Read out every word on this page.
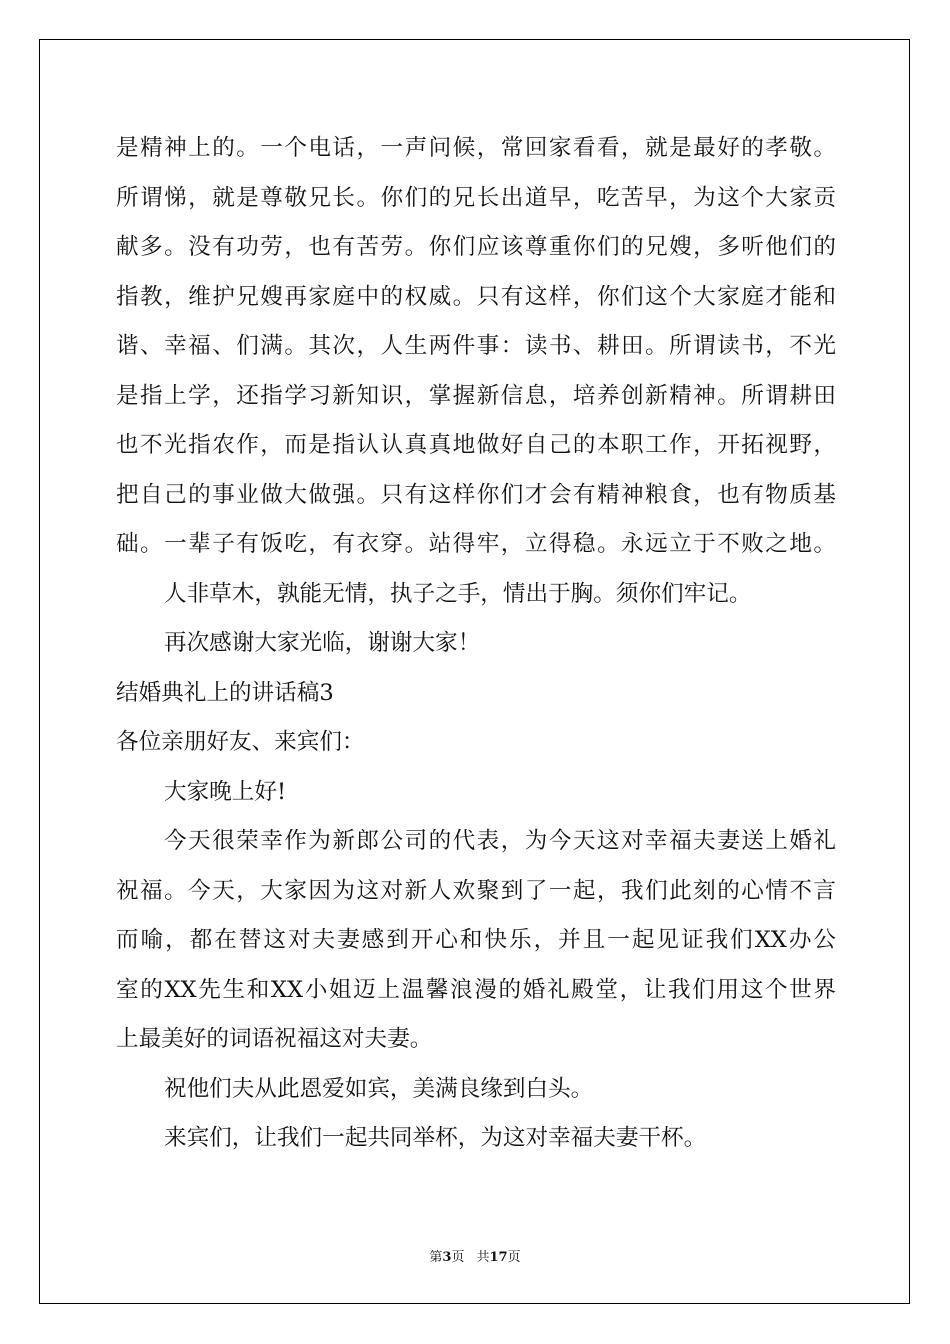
是精神上的。一个电话，一声问候，常回家看看，就是最好的孝敬。
所谓悌，就是尊敬兄长。你们的兄长出道早，吃苦早，为这个大家贡
献多。没有功劳，也有苦劳。你们应该尊重你们的兄嫂，多听他们的
指教，维护兄嫂再家庭中的权威。只有这样，你们这个大家庭才能和
谐、幸福、们满。其次，人生两件事：读书、耕田。所谓读书，不光
是指上学，还指学习新知识，掌握新信息，培养创新精神。所谓耕田
也不光指农作，而是指认认真真地做好自己的本职工作，开拓视野，
把自己的事业做大做强。只有这样你们才会有精神粮食，也有物质基
础。一辈子有饭吃，有衣穿。站得牢，立得稳。永远立于不败之地。
人非草木，孰能无情，执子之手，情出于胸。须你们牢记。
再次感谢大家光临，谢谢大家！
结婚典礼上的讲话稿3
各位亲朋好友、来宾们：
大家晚上好!
今天很荣幸作为新郎公司的代表，为今天这对幸福夫妻送上婚礼
祝福。今天，大家因为这对新人欢聚到了一起，我们此刻的心情不言
而喻，都在替这对夫妻感到开心和快乐，并且一起见证我们XX办公
室的XX先生和XX小姐迈上温馨浪漫的婚礼殿堂，让我们用这个世界
上最美好的词语祝福这对夫妻。
祝他们夫从此恩爱如宾，美满良缘到白头。
来宾们，让我们一起共同举杯，为这对幸福夫妻干杯。
第3页 共17页
